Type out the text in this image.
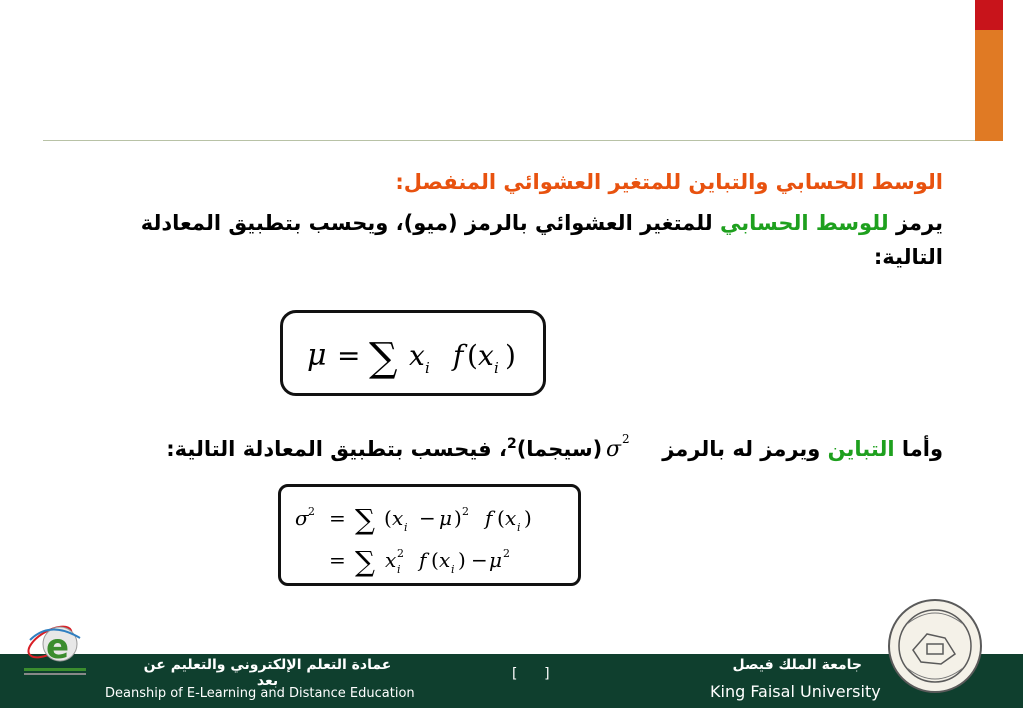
الوسط الحسابي والتباين للمتغير العشوائي المنفصل:
يرمز للوسط الحسابي للمتغير العشوائي بالرمز (ميو)، ويحسب بتطبيق المعادلة التالية:
μ = ∑ x i f x i
( )
وأما التباين ويرمز له بالرمز(سيجما)$^2$، فيحسب بتطبيق المعادلة التالية:	σ 2
σ 2 = ∑ ( x i − μ ) 2 f ( x i )
= ∑ x 2
i f ( x i ) − μ 2
e	عمادة التعلم الإلكتروني والتعليم عن بعد
Deanship of E-Learning and Distance Education
[      ]
جامعة الملك فيصل
King Faisal University
